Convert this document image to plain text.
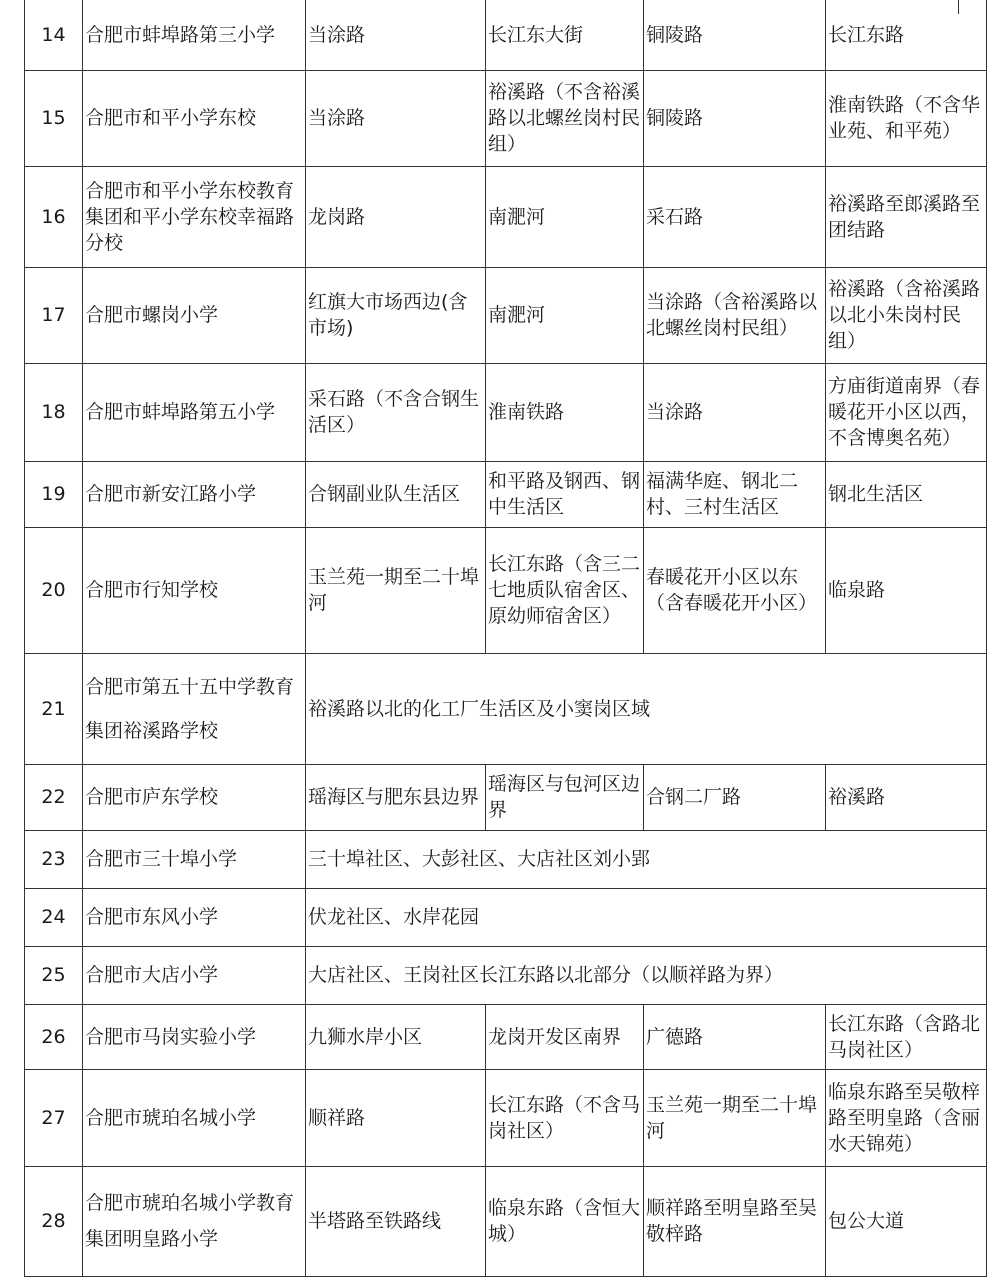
14	合肥市蚌埠路第三小学	当涂路	长江东大街	铜陵路	长江东路
15	合肥市和平小学东校	当涂路	裕溪路（不含裕溪路以北螺丝岗村民组）	铜陵路	淮南铁路（不含华业苑、和平苑）
16	合肥市和平小学东校教育集团和平小学东校幸福路分校	龙岗路	南淝河	采石路	裕溪路至郎溪路至团结路
17	合肥市螺岗小学	红旗大市场西边(含市场)	南淝河	当涂路（含裕溪路以北螺丝岗村民组）	裕溪路（含裕溪路以北小朱岗村民组）
18	合肥市蚌埠路第五小学	采石路（不含合钢生活区）	淮南铁路	当涂路	方庙街道南界（春暖花开小区以西，不含博奥名苑）
19	合肥市新安江路小学	合钢副业队生活区	和平路及钢西、钢中生活区	福满华庭、钢北二村、三村生活区	钢北生活区
20	合肥市行知学校	玉兰苑一期至二十埠河	长江东路（含三二七地质队宿舍区、原幼师宿舍区）	春暖花开小区以东（含春暖花开小区）	临泉路
21	合肥市第五十五中学教育集团裕溪路学校	裕溪路以北的化工厂生活区及小窦岗区域			
22	合肥市庐东学校	瑶海区与肥东县边界	瑶海区与包河区边界	合钢二厂路	裕溪路
23	合肥市三十埠小学	三十埠社区、大彭社区、大店社区刘小郢			
24	合肥市东风小学	伏龙社区、水岸花园			
25	合肥市大店小学	大店社区、王岗社区长江东路以北部分（以顺祥路为界）			
26	合肥市马岗实验小学	九狮水岸小区	龙岗开发区南界	广德路	长江东路（含路北马岗社区）
27	合肥市琥珀名城小学	顺祥路	长江东路（不含马岗社区）	玉兰苑一期至二十埠河	临泉东路至吴敬梓路至明皇路（含丽水天锦苑）
28	合肥市琥珀名城小学教育集团明皇路小学	半塔路至铁路线	临泉东路（含恒大城）	顺祥路至明皇路至吴敬梓路	包公大道
